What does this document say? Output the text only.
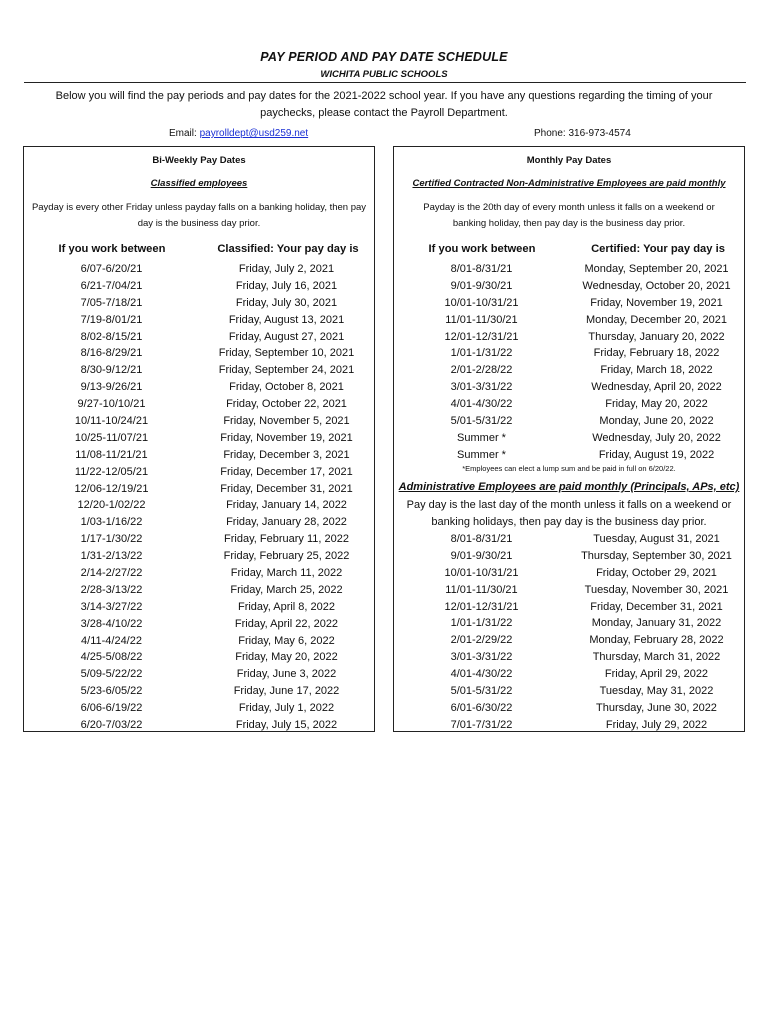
PAY PERIOD AND PAY DATE SCHEDULE
WICHITA PUBLIC SCHOOLS
Below you will find the pay periods and pay dates for the 2021-2022 school year. If you have any questions regarding the timing of your paychecks, please contact the Payroll Department.
Email: payrolldept@usd259.net	Phone: 316-973-4574
Bi-Weekly Pay Dates
Classified employees
Payday is every other Friday unless payday falls on a banking holiday, then pay day is the business day prior.
If you work between	Classified: Your pay day is
6/07-6/20/21	Friday, July 2, 2021
6/21-7/04/21	Friday, July 16, 2021
7/05-7/18/21	Friday, July 30, 2021
7/19-8/01/21	Friday, August 13, 2021
8/02-8/15/21	Friday, August 27, 2021
8/16-8/29/21	Friday, September 10, 2021
8/30-9/12/21	Friday, September 24, 2021
9/13-9/26/21	Friday, October 8, 2021
9/27-10/10/21	Friday, October 22, 2021
10/11-10/24/21	Friday, November 5, 2021
10/25-11/07/21	Friday, November 19, 2021
11/08-11/21/21	Friday, December 3, 2021
11/22-12/05/21	Friday, December 17, 2021
12/06-12/19/21	Friday, December 31, 2021
12/20-1/02/22	Friday, January 14, 2022
1/03-1/16/22	Friday, January 28, 2022
1/17-1/30/22	Friday, February 11, 2022
1/31-2/13/22	Friday, February 25, 2022
2/14-2/27/22	Friday, March 11, 2022
2/28-3/13/22	Friday, March 25, 2022
3/14-3/27/22	Friday, April 8, 2022
3/28-4/10/22	Friday, April 22, 2022
4/11-4/24/22	Friday, May 6, 2022
4/25-5/08/22	Friday, May 20, 2022
5/09-5/22/22	Friday, June 3, 2022
5/23-6/05/22	Friday, June 17, 2022
6/06-6/19/22	Friday, July 1, 2022
6/20-7/03/22	Friday, July 15, 2022
Monthly Pay Dates
Certified Contracted Non-Administrative Employees are paid monthly
Payday is the 20th day of every month unless it falls on a weekend or banking holiday, then pay day is the business day prior.
If you work between	Certified: Your pay day is
8/01-8/31/21	Monday, September 20, 2021
9/01-9/30/21	Wednesday, October 20, 2021
10/01-10/31/21	Friday, November 19, 2021
11/01-11/30/21	Monday, December 20, 2021
12/01-12/31/21	Thursday, January 20, 2022
1/01-1/31/22	Friday, February 18, 2022
2/01-2/28/22	Friday, March 18, 2022
3/01-3/31/22	Wednesday, April 20, 2022
4/01-4/30/22	Friday, May 20, 2022
5/01-5/31/22	Monday, June 20, 2022
Summer *	Wednesday, July 20, 2022
Summer *	Friday, August 19, 2022
*Employees can elect a lump sum and be paid in full on 6/20/22.
Administrative Employees are paid monthly (Principals, APs, etc)
Pay day is the last day of the month unless it falls on a weekend or banking holidays, then pay day is the business day prior.
8/01-8/31/21	Tuesday, August 31, 2021
9/01-9/30/21	Thursday, September 30, 2021
10/01-10/31/21	Friday, October 29, 2021
11/01-11/30/21	Tuesday, November 30, 2021
12/01-12/31/21	Friday, December 31, 2021
1/01-1/31/22	Monday, January 31, 2022
2/01-2/29/22	Monday, February 28, 2022
3/01-3/31/22	Thursday, March 31, 2022
4/01-4/30/22	Friday, April 29, 2022
5/01-5/31/22	Tuesday, May 31, 2022
6/01-6/30/22	Thursday, June 30, 2022
7/01-7/31/22	Friday, July 29, 2022
